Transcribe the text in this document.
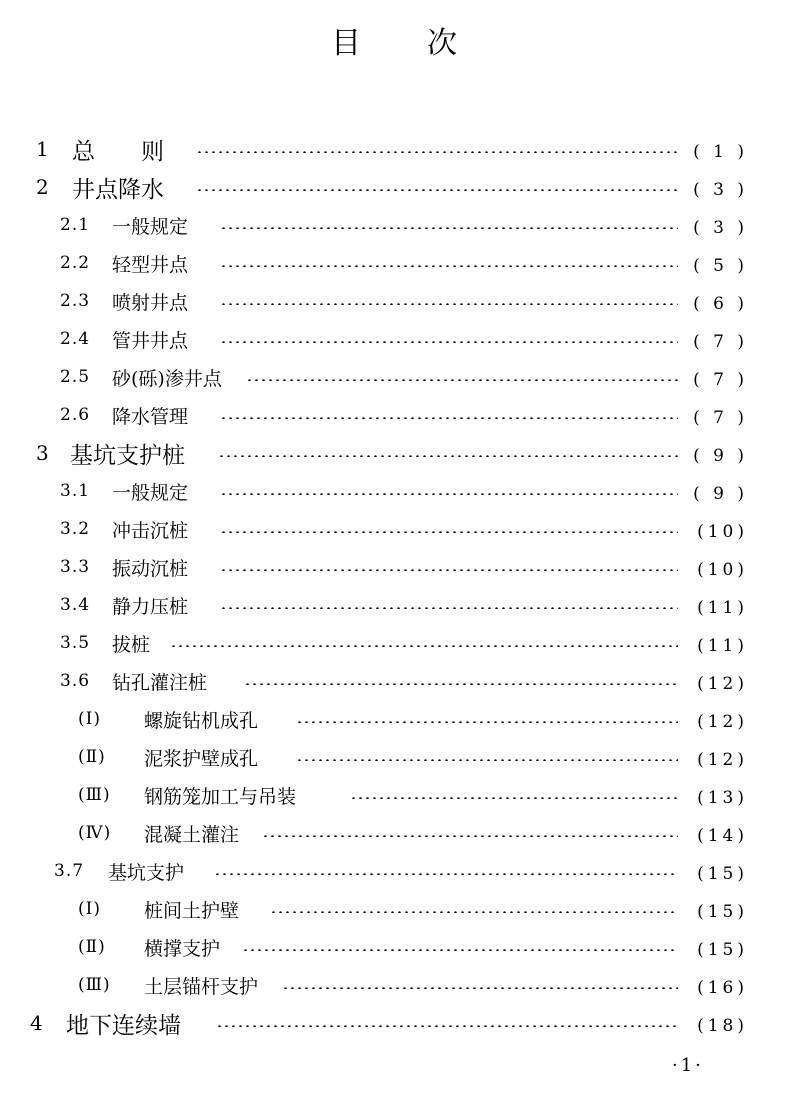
目　　次
1 总　　则	( 1 )
2 井点降水	( 3 )
2.1 一般规定	( 3 )
2.2 轻型井点	( 5 )
2.3 喷射井点	( 6 )
2.4 管井井点	( 7 )
2.5 砂(砾)渗井点	( 7 )
2.6 降水管理	( 7 )
3 基坑支护桩	( 9 )
3.1 一般规定	( 9 )
3.2 冲击沉桩	(10)
3.3 振动沉桩	(10)
3.4 静力压桩	(11)
3.5 拔桩	(11)
3.6 钻孔灌注桩	(12)
(Ⅰ) 螺旋钻机成孔	(12)
(Ⅱ) 泥浆护壁成孔	(12)
(Ⅲ) 钢筋笼加工与吊装	(13)
(Ⅳ) 混凝土灌注	(14)
3.7 基坑支护	(15)
(Ⅰ) 桩间土护壁	(15)
(Ⅱ) 横撑支护	(15)
(Ⅲ) 土层锚杆支护	(16)
4 地下连续墙	(18)
·1·
